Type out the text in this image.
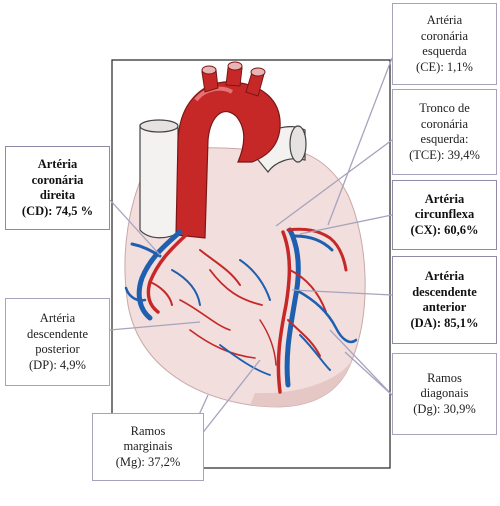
Artéria
coronária
esquerda
(CE): 1,1%
Tronco de
coronária
esquerda:
(TCE): 39,4%
Artéria
circunflexa
(CX): 60,6%
Artéria
descendente
anterior
(DA): 85,1%
Ramos
diagonais
(Dg): 30,9%
Artéria
coronária
direita
(CD): 74,5 %
Artéria
descendente
posterior
(DP): 4,9%
Ramos
marginais
(Mg): 37,2%
